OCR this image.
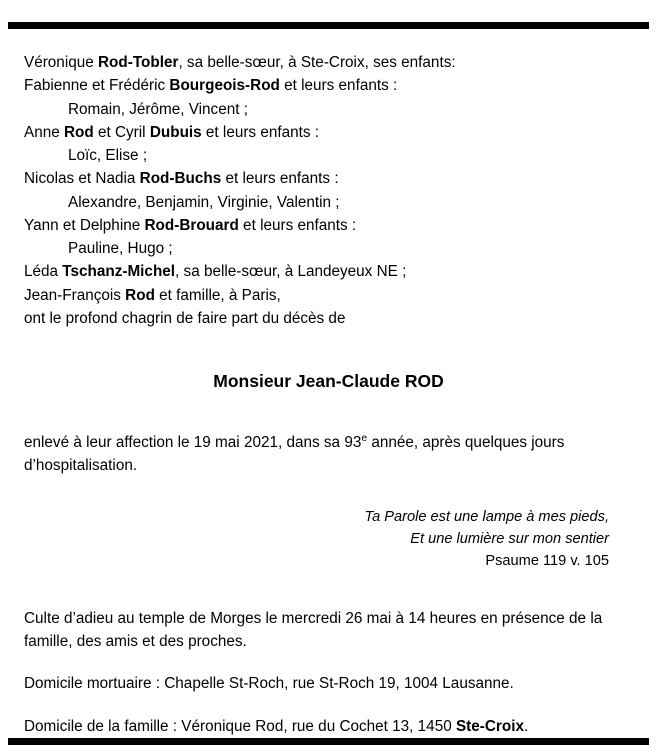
Véronique Rod-Tobler, sa belle-sœur, à Ste-Croix, ses enfants:
Fabienne et Frédéric Bourgeois-Rod et leurs enfants :
Romain, Jérôme, Vincent ;
Anne Rod et Cyril Dubuis et leurs enfants :
Loïc, Elise ;
Nicolas et Nadia Rod-Buchs et leurs enfants :
Alexandre, Benjamin, Virginie, Valentin ;
Yann et Delphine Rod-Brouard et leurs enfants :
Pauline, Hugo ;
Léda Tschanz-Michel, sa belle-sœur, à Landeyeux NE ;
Jean-François Rod et famille, à Paris,
ont le profond chagrin de faire part du décès de
Monsieur Jean-Claude ROD

enlevé à leur affection le 19 mai 2021, dans sa 93e année, après quelques jours d’hospitalisation.

Ta Parole est une lampe à mes pieds,
Et une lumière sur mon sentier
Psaume 119 v. 105

Culte d’adieu au temple de Morges le mercredi 26 mai à 14 heures en présence de la famille, des amis et des proches.

Domicile mortuaire : Chapelle St-Roch, rue St-Roch 19, 1004 Lausanne.

Domicile de la famille : Véronique Rod, rue du Cochet 13, 1450 Ste-Croix.
